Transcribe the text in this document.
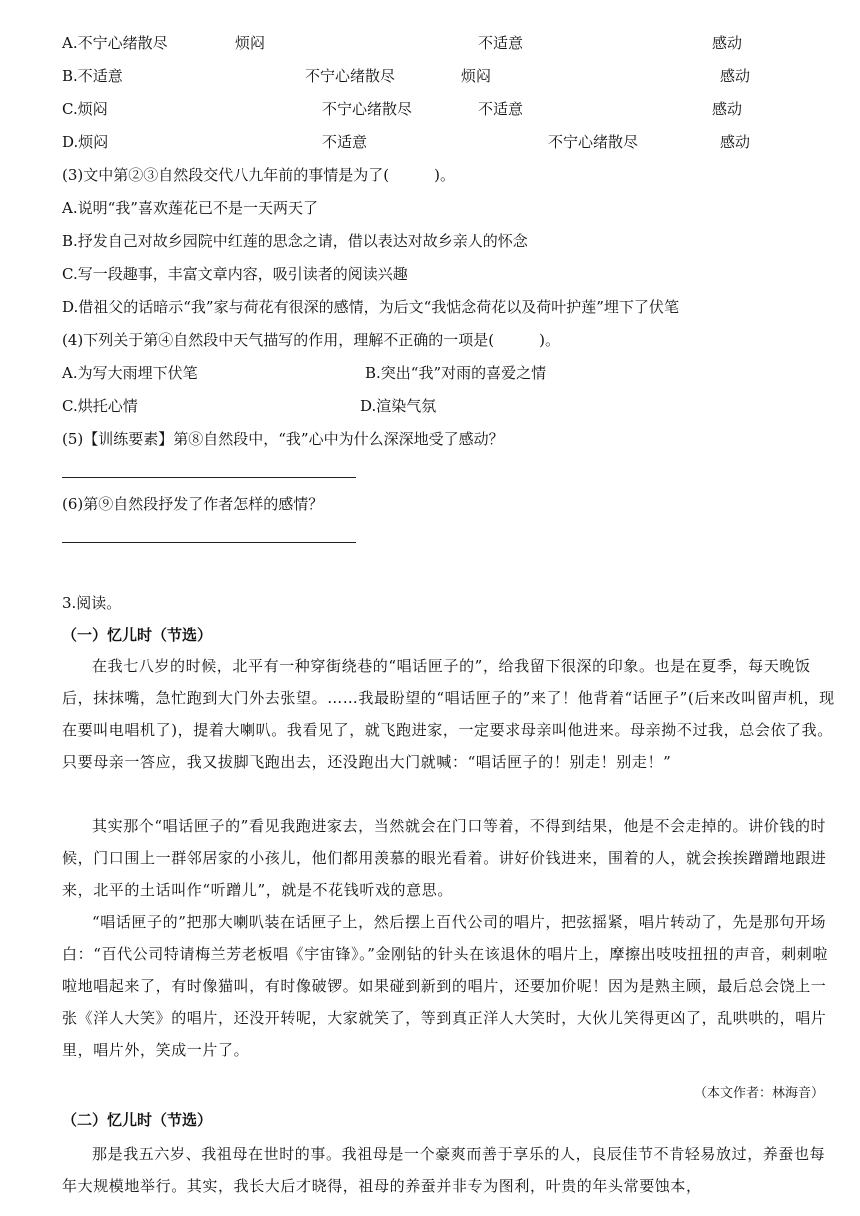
A.不宁心绪散尽	烦闷	不适意	感动
B.不适意	不宁心绪散尽	烦闷	感动
C.烦闷	不宁心绪散尽	不适意	感动
D.烦闷	不适意	不宁心绪散尽	感动
(3)文中第②③自然段交代八九年前的事情是为了(　　　)。
A.说明“我”喜欢莲花已不是一天两天了
B.抒发自己对故乡园院中红莲的思念之请，借以表达对故乡亲人的怀念
C.写一段趣事，丰富文章内容，吸引读者的阅读兴趣
D.借祖父的话暗示“我”家与荷花有很深的感情，为后文“我惦念荷花以及荷叶护莲”埋下了伏笔
(4)下列关于第④自然段中天气描写的作用，理解不正确的一项是(　　　)。
A.为写大雨埋下伏笔	B.突出“我”对雨的喜爱之情
C.烘托心情	D.渲染气氛
(5)【训练要素】第⑧自然段中，“我”心中为什么深深地受了感动？
(6)第⑨自然段抒发了作者怎样的感情？
3.阅读。
（一）忆儿时（节选）
在我七八岁的时候，北平有一种穿街绕巷的“唱话匣子的”，给我留下很深的印象。也是在夏季，每天晚饭后，抹抹嘴，急忙跑到大门外去张望。……我最盼望的“唱话匣子的”来了！他背着“话匣子”(后来改叫留声机，现在要叫电唱机了)，提着大喇叭。我看见了，就飞跑进家，一定要求母亲叫他进来。母亲拗不过我，总会依了我。只要母亲一答应，我又拔脚飞跑出去，还没跑出大门就喊：“唱话匣子的！别走！别走！”
其实那个“唱话匣子的”看见我跑进家去，当然就会在门口等着，不得到结果，他是不会走掉的。讲价钱的时候，门口围上一群邻居家的小孩儿，他们都用羡慕的眼光看着。讲好价钱进来，围着的人，就会挨挨蹭蹭地跟进来，北平的土话叫作“听蹭儿”，就是不花钱听戏的意思。
“唱话匣子的”把那大喇叭装在话匣子上，然后摆上百代公司的唱片，把弦摇紧，唱片转动了，先是那句开场白：“百代公司特请梅兰芳老板唱《宇宙锋》。”金刚钻的针头在该退休的唱片上，摩擦出吱吱扭扭的声音，刺刺啦啦地唱起来了，有时像猫叫，有时像破锣。如果碰到新到的唱片，还要加价呢！因为是熟主顾，最后总会饶上一张《洋人大笑》的唱片，还没开转呢，大家就笑了，等到真正洋人大笑时，大伙儿笑得更凶了，乱哄哄的，唱片里，唱片外，笑成一片了。
（本文作者：林海音）
（二）忆儿时（节选）
那是我五六岁、我祖母在世时的事。我祖母是一个豪爽而善于享乐的人，良辰佳节不肯轻易放过，养蚕也每年大规模地举行。其实，我长大后才晓得，祖母的养蚕并非专为图利，叶贵的年头常要蚀本，
